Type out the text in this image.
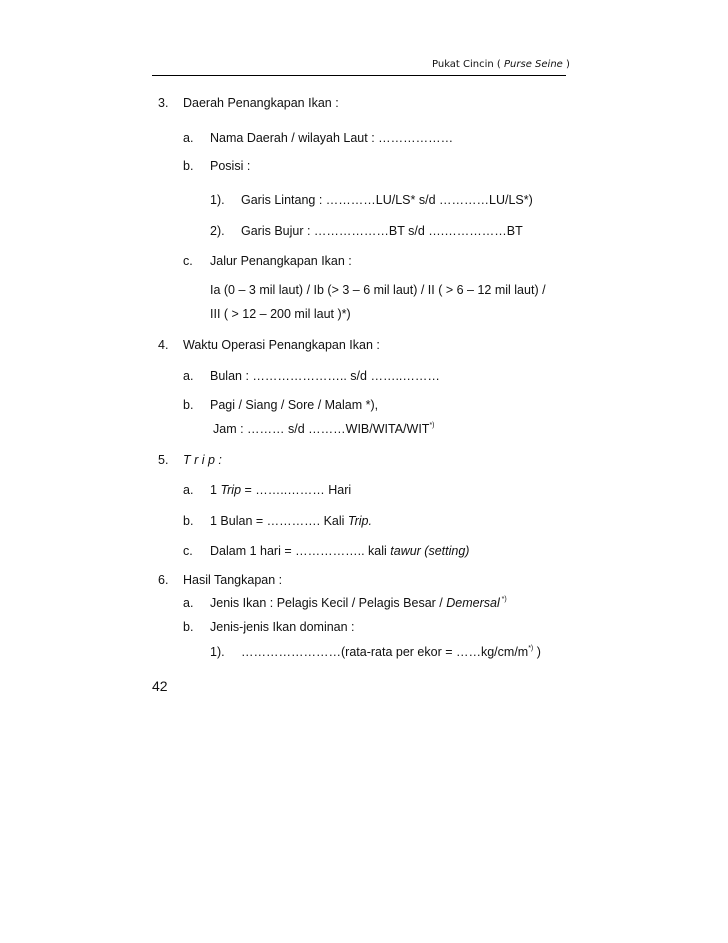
Pukat Cincin ( Purse Seine )
3. Daerah Penangkapan Ikan :
a. Nama Daerah / wilayah Laut : ………………
b. Posisi :
1). Garis Lintang : …………LU/LS* s/d …………LU/LS*)
2). Garis Bujur : ………………BT s/d ….……………BT
c. Jalur Penangkapan Ikan :
Ia (0 – 3 mil laut) / Ib (> 3 – 6 mil laut) / II ( > 6 – 12 mil laut) /
III ( > 12 – 200 mil laut )*)
4. Waktu Operasi Penangkapan Ikan :
a. Bulan : ………………….. s/d ……..………
b. Pagi / Siang / Sore / Malam *),
Jam : ……… s/d ………WIB/WITA/WIT*)
5. T r i p :
a. 1 Trip = ……..……… Hari
b. 1 Bulan = …………. Kali Trip.
c. Dalam 1 hari = …………….. kali tawur (setting)
6. Hasil Tangkapan :
a. Jenis Ikan : Pelagis Kecil / Pelagis Besar / Demersal *)
b. Jenis-jenis Ikan dominan :
1). ……………………(rata-rata per ekor = ……kg/cm/m*) )
42
